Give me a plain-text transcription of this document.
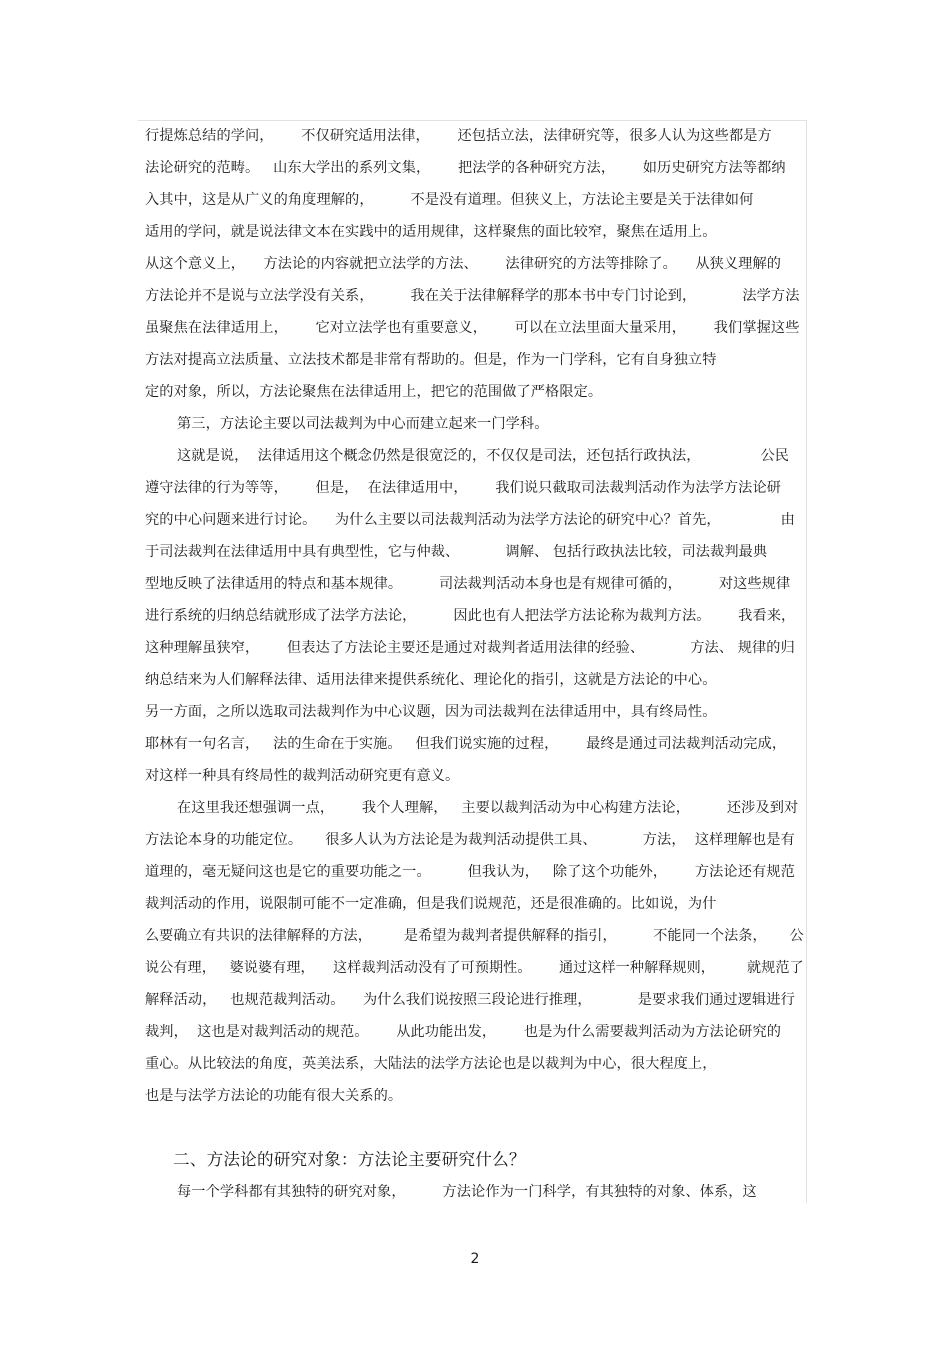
行提炼总结的学问，      不仅研究适用法律，      还包括立法，法律研究等，很多人认为这些都是方
法论研究的范畴。   山东大学出的系列文集，      把法学的各种研究方法，      如历史研究方法等都纳
入其中，这是从广义的角度理解的，        不是没有道理。但狭义上，方法论主要是关于法律如何
适用的学问，就是说法律文本在实践中的适用规律，这样聚焦的面比较窄，聚焦在适用上。
从这个意义上，    方法论的内容就把立法学的方法、      法律研究的方法等排除了。    从狭义理解的
方法论并不是说与立法学没有关系，        我在关于法律解释学的那本书中专门讨论到，          法学方法
虽聚焦在法律适用上，      它对立法学也有重要意义，      可以在立法里面大量采用，      我们掌握这些
方法对提高立法质量、立法技术都是非常有帮助的。但是，作为一门学科，它有自身独立特
定的对象，所以，方法论聚焦在法律适用上，把它的范围做了严格限定。
第三，方法论主要以司法裁判为中心而建立起来一门学科。
这就是说，  法律适用这个概念仍然是很宽泛的，不仅仅是司法，还包括行政执法，             公民
遵守法律的行为等等，      但是，  在法律适用中，      我们说只截取司法裁判活动作为法学方法论研
究的中心问题来进行讨论。    为什么主要以司法裁判活动为法学方法论的研究中心？首先，             由
于司法裁判在法律适用中具有典型性，它与仲裁、          调解、 包括行政执法比较，司法裁判最典
型地反映了法律适用的特点和基本规律。        司法裁判活动本身也是有规律可循的，        对这些规律
进行系统的归纳总结就形成了法学方法论，        因此也有人把法学方法论称为裁判方法。      我看来，
这种理解虽狭窄，      但表达了方法论主要还是通过对裁判者适用法律的经验、          方法、 规律的归
纳总结来为人们解释法律、适用法律来提供系统化、理论化的指引，这就是方法论的中心。
另一方面，之所以选取司法裁判作为中心议题，因为司法裁判在法律适用中，具有终局性。
耶林有一句名言，   法的生命在于实施。   但我们说实施的过程，      最终是通过司法裁判活动完成，
对这样一种具有终局性的裁判活动研究更有意义。
在这里我还想强调一点，      我个人理解，   主要以裁判活动为中心构建方法论，        还涉及到对
方法论本身的功能定位。     很多人认为方法论是为裁判活动提供工具、          方法，  这样理解也是有
道理的，毫无疑问这也是它的重要功能之一。        但我认为，   除了这个功能外，      方法论还有规范
裁判活动的作用，说限制可能不一定准确，但是我们说规范，还是很准确的。比如说，为什
么要确立有共识的法律解释的方法，       是希望为裁判者提供解释的指引，        不能同一个法条，     公
说公有理，   婆说婆有理，    这样裁判活动没有了可预期性。      通过这样一种解释规则，       就规范了
解释活动，   也规范裁判活动。    为什么我们说按照三段论进行推理，          是要求我们通过逻辑进行
裁判，  这也是对裁判活动的规范。      从此功能出发，      也是为什么需要裁判活动为方法论研究的
重心。从比较法的角度，英美法系，大陆法的法学方法论也是以裁判为中心，很大程度上，
也是与法学方法论的功能有很大关系的。
二、方法论的研究对象：方法论主要研究什么？
每一个学科都有其独特的研究对象，        方法论作为一门科学，有其独特的对象、体系，这
2
